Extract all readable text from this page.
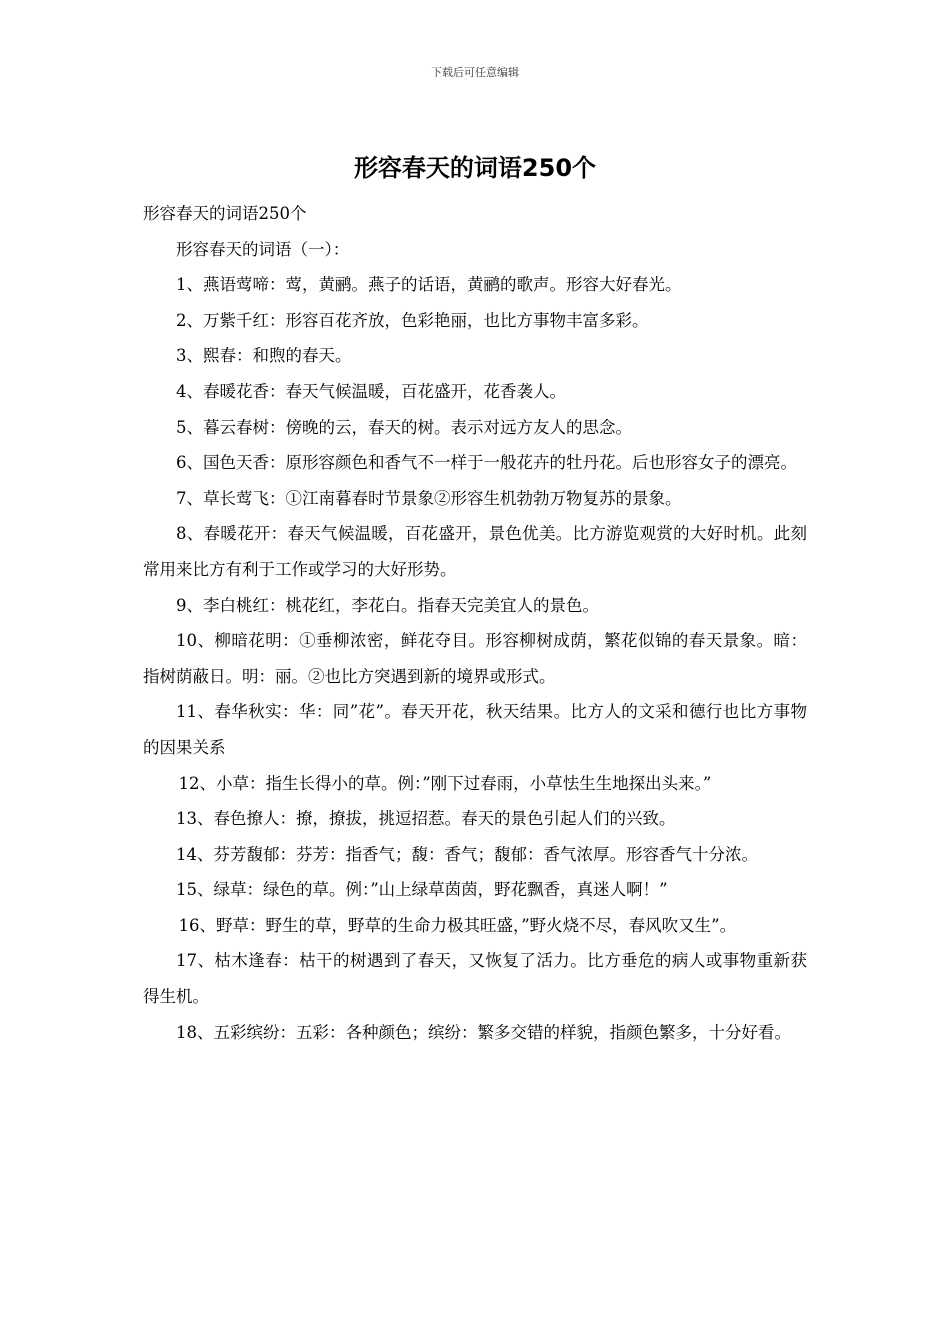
下载后可任意编辑
形容春天的词语250个

形容春天的词语250个

形容春天的词语（一）：

1、燕语莺啼：莺，黄鹂。燕子的话语，黄鹂的歌声。形容大好春光。

2、万紫千红：形容百花齐放，色彩艳丽，也比方事物丰富多彩。

3、熙春：和煦的春天。

4、春暖花香：春天气候温暖，百花盛开，花香袭人。

5、暮云春树：傍晚的云，春天的树。表示对远方友人的思念。

6、国色天香：原形容颜色和香气不一样于一般花卉的牡丹花。后也形容女子的漂亮。

7、草长莺飞：①江南暮春时节景象②形容生机勃勃万物复苏的景象。

8、春暖花开：春天气候温暖，百花盛开，景色优美。比方游览观赏的大好时机。此刻常用来比方有利于工作或学习的大好形势。

9、李白桃红：桃花红，李花白。指春天完美宜人的景色。

10、柳暗花明：①垂柳浓密，鲜花夺目。形容柳树成荫，繁花似锦的春天景象。暗：指树荫蔽日。明：丽。②也比方突遇到新的境界或形式。

11、春华秋实：华：同”花”。春天开花，秋天结果。比方人的文采和德行也比方事物的因果关系

12、小草：指生长得小的草。例：”刚下过春雨，小草怯生生地探出头来。”

13、春色撩人：撩，撩拔，挑逗招惹。春天的景色引起人们的兴致。

14、芬芳馥郁：芬芳：指香气；馥：香气；馥郁：香气浓厚。形容香气十分浓。

15、绿草：绿色的草。例：”山上绿草茵茵，野花飘香，真迷人啊！”

16、野草：野生的草，野草的生命力极其旺盛，”野火烧不尽，春风吹又生”。

17、枯木逢春：枯干的树遇到了春天，又恢复了活力。比方垂危的病人或事物重新获得生机。

18、五彩缤纷：五彩：各种颜色；缤纷：繁多交错的样貌，指颜色繁多，十分好看。
